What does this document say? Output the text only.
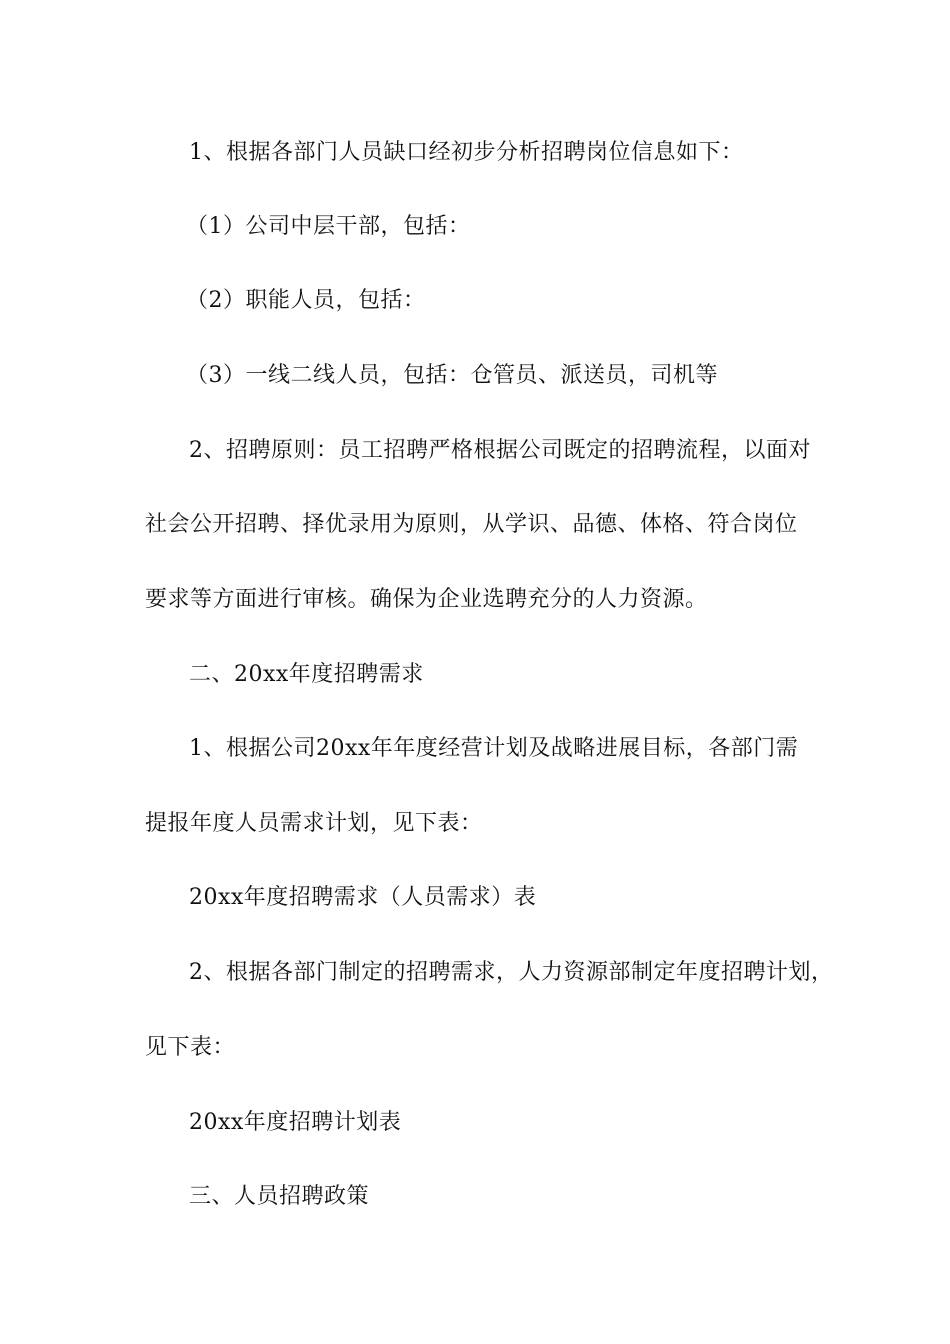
1、根据各部门人员缺口经初步分析招聘岗位信息如下：
（1）公司中层干部，包括：
（2）职能人员，包括：
（3）一线二线人员，包括：仓管员、派送员，司机等
2、招聘原则：员工招聘严格根据公司既定的招聘流程，以面对
社会公开招聘、择优录用为原则，从学识、品德、体格、符合岗位
要求等方面进行审核。确保为企业选聘充分的人力资源。
二、20xx年度招聘需求
1、根据公司20xx年年度经营计划及战略进展目标，各部门需
提报年度人员需求计划，见下表：
20xx年度招聘需求（人员需求）表
2、根据各部门制定的招聘需求，人力资源部制定年度招聘计划，
见下表：
20xx年度招聘计划表
三、人员招聘政策
